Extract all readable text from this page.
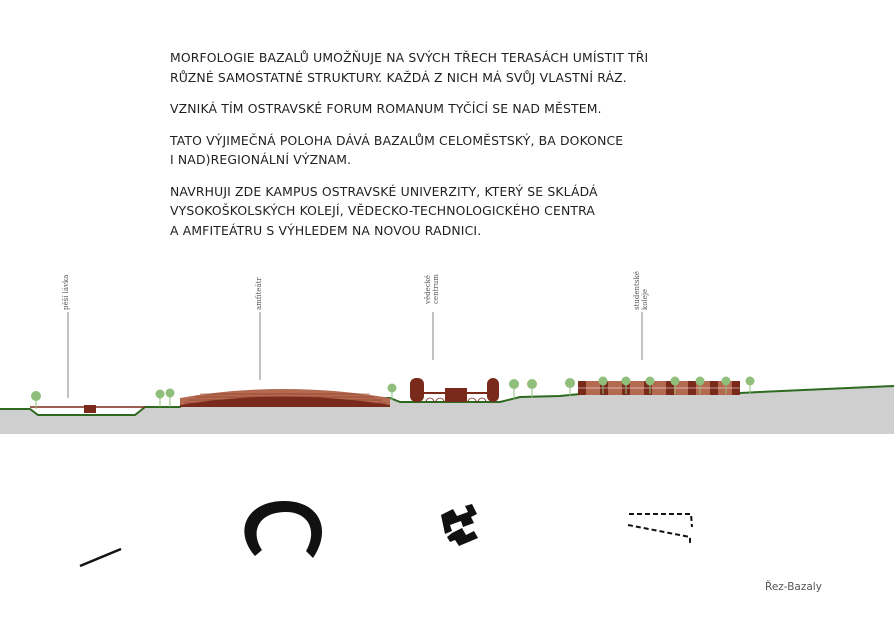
MORFOLOGIE BAZALŮ UMOŽŇUJE NA SVÝCH TŘECH TERASÁCH UMÍSTIT TŘI
RŮZNÉ SAMOSTATNÉ STRUKTURY. KAŽDÁ Z NICH MÁ SVŮJ VLASTNÍ RÁZ.

VZNIKÁ TÍM OSTRAVSKÉ FORUM ROMANUM TYČÍCÍ SE NAD MĚSTEM.

TATO VÝJIMEČNÁ POLOHA DÁVÁ BAZALŮM CELOMĚSTSKÝ, BA DOKONCE
I NAD)REGIONÁLNÍ VÝZNAM.

NAVRHUJI ZDE KAMPUS OSTRAVSKÉ UNIVERZITY, KTERÝ SE SKLÁDÁ
VYSOKOŠKOLSKÝCH KOLEJÍ, VĚDECKO-TECHNOLOGICKÉHO CENTRA
A AMFITEÁTRU S VÝHLEDEM NA NOVOU RADNICI.

pěší lávka	amfiteátr	vědecké
centrum	studentské
koleje
Řez-Bazaly
